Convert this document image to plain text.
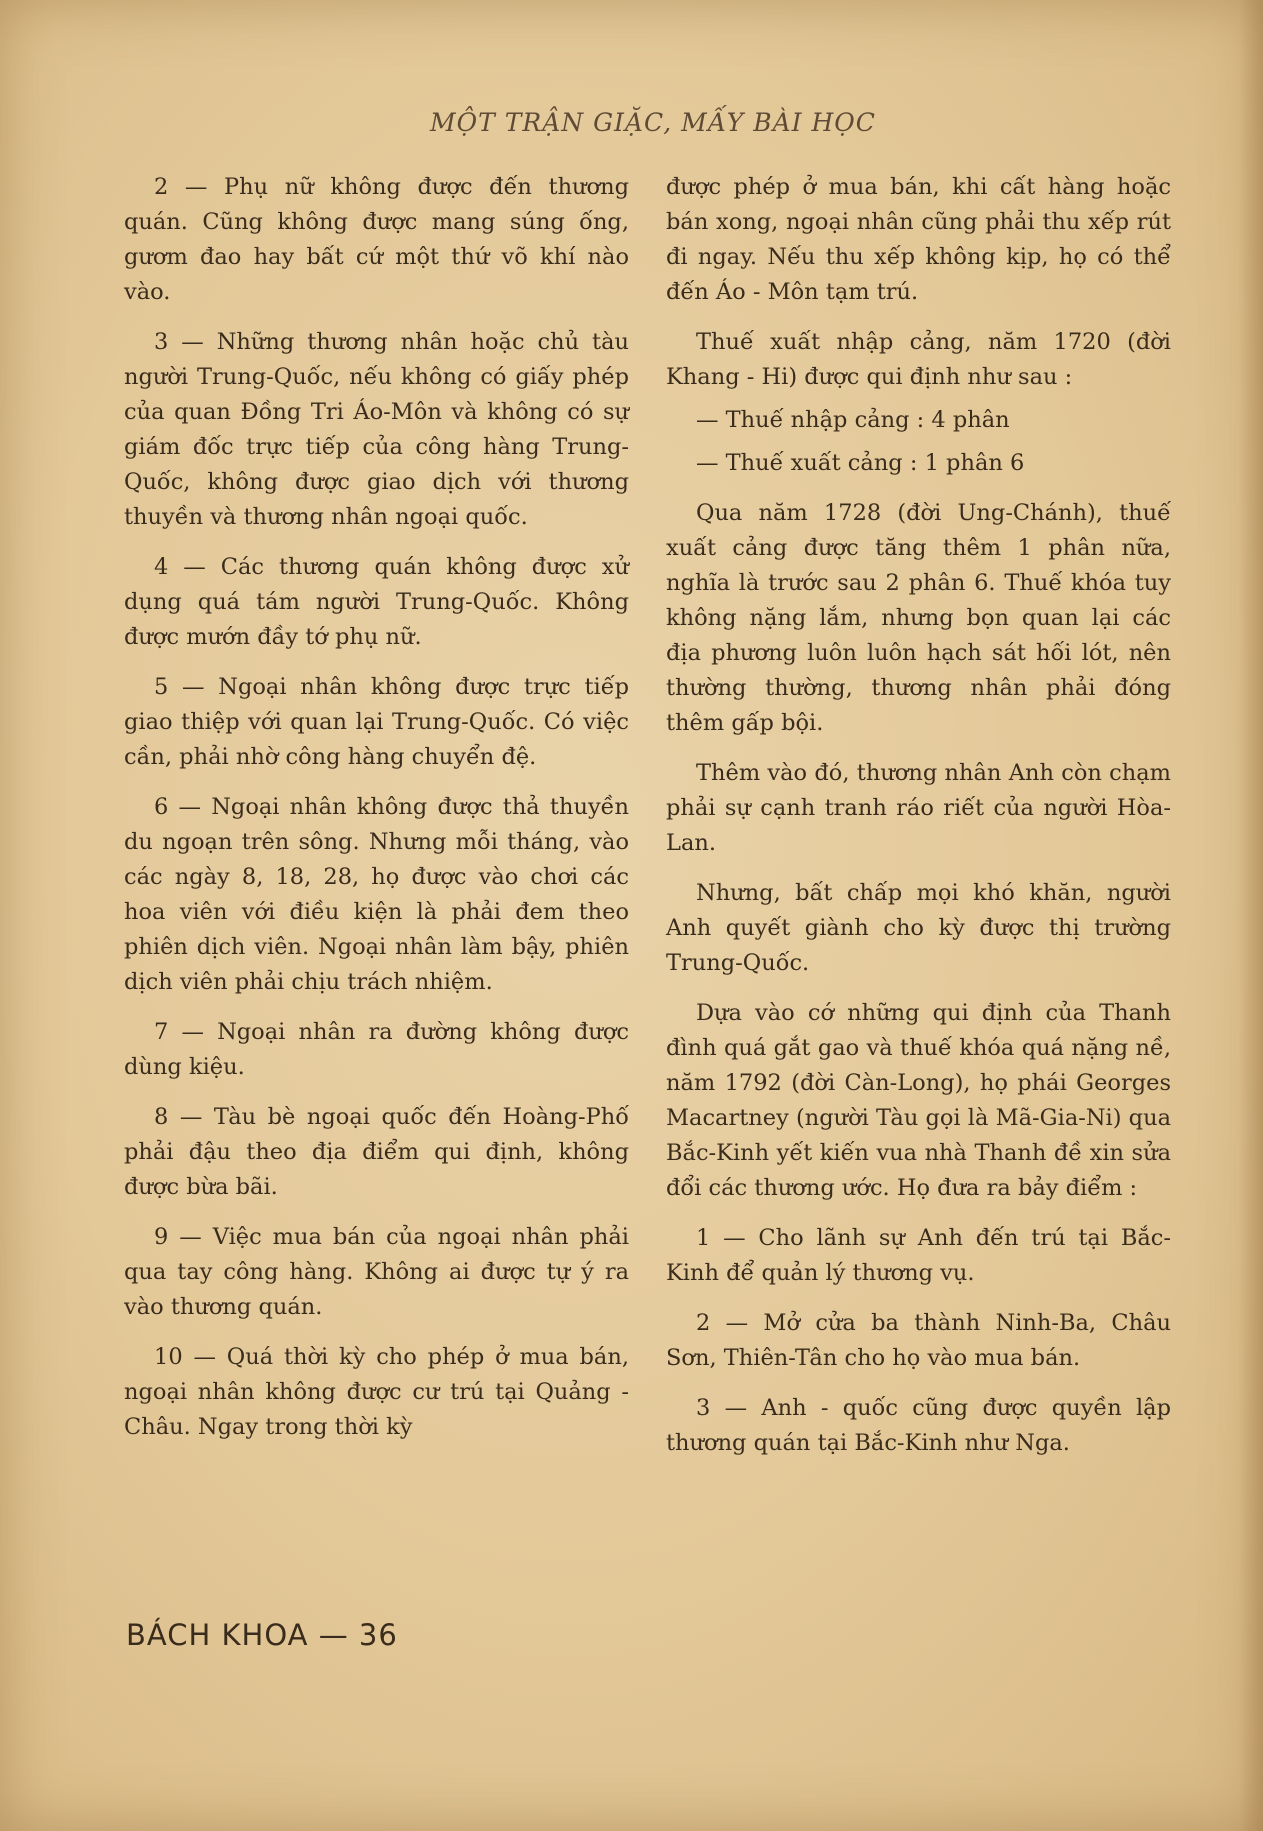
MỘT TRẬN GIẶC, MẤY BÀI HỌC

2 — Phụ nữ không được đến thương quán. Cũng không được mang súng ống, gươm đao hay bất cứ một thứ võ khí nào vào.

3 — Những thương nhân hoặc chủ tàu người Trung-Quốc, nếu không có giấy phép của quan Đồng Tri Áo-Môn và không có sự giám đốc trực tiếp của công hàng Trung-Quốc, không được giao dịch với thương thuyền và thương nhân ngoại quốc.

4 — Các thương quán không được xử dụng quá tám người Trung-Quốc. Không được mướn đầy tớ phụ nữ.

5 — Ngoại nhân không được trực tiếp giao thiệp với quan lại Trung-Quốc. Có việc cần, phải nhờ công hàng chuyển đệ.

6 — Ngoại nhân không được thả thuyền du ngoạn trên sông. Nhưng mỗi tháng, vào các ngày 8, 18, 28, họ được vào chơi các hoa viên với điều kiện là phải đem theo phiên dịch viên. Ngoại nhân làm bậy, phiên dịch viên phải chịu trách nhiệm.

7 — Ngoại nhân ra đường không được dùng kiệu.

8 — Tàu bè ngoại quốc đến Hoàng-Phố phải đậu theo địa điểm qui định, không được bừa bãi.

9 — Việc mua bán của ngoại nhân phải qua tay công hàng. Không ai được tự ý ra vào thương quán.

10 — Quá thời kỳ cho phép ở mua bán, ngoại nhân không được cư trú tại Quảng - Châu. Ngay trong thời kỳ

được phép ở mua bán, khi cất hàng hoặc bán xong, ngoại nhân cũng phải thu xếp rút đi ngay. Nếu thu xếp không kịp, họ có thể đến Áo - Môn tạm trú.

Thuế xuất nhập cảng, năm 1720 (đời Khang - Hi) được qui định như sau :

— Thuế nhập cảng : 4 phân

— Thuế xuất cảng : 1 phân 6

Qua năm 1728 (đời Ung-Chánh), thuế xuất cảng được tăng thêm 1 phân nữa, nghĩa là trước sau 2 phân 6. Thuế khóa tuy không nặng lắm, nhưng bọn quan lại các địa phương luôn luôn hạch sát hối lót, nên thường thường, thương nhân phải đóng thêm gấp bội.

Thêm vào đó, thương nhân Anh còn chạm phải sự cạnh tranh ráo riết của người Hòa-Lan.

Nhưng, bất chấp mọi khó khăn, người Anh quyết giành cho kỳ được thị trường Trung-Quốc.

Dựa vào cớ những qui định của Thanh đình quá gắt gao và thuế khóa quá nặng nề, năm 1792 (đời Càn-Long), họ phái Georges Macartney (người Tàu gọi là Mã-Gia-Ni) qua Bắc-Kinh yết kiến vua nhà Thanh đề xin sửa đổi các thương ước. Họ đưa ra bảy điểm :

1 — Cho lãnh sự Anh đến trú tại Bắc-Kinh để quản lý thương vụ.

2 — Mở cửa ba thành Ninh-Ba, Châu Sơn, Thiên-Tân cho họ vào mua bán.

3 — Anh - quốc cũng được quyền lập thương quán tại Bắc-Kinh như Nga.

BÁCH KHOA — 36
